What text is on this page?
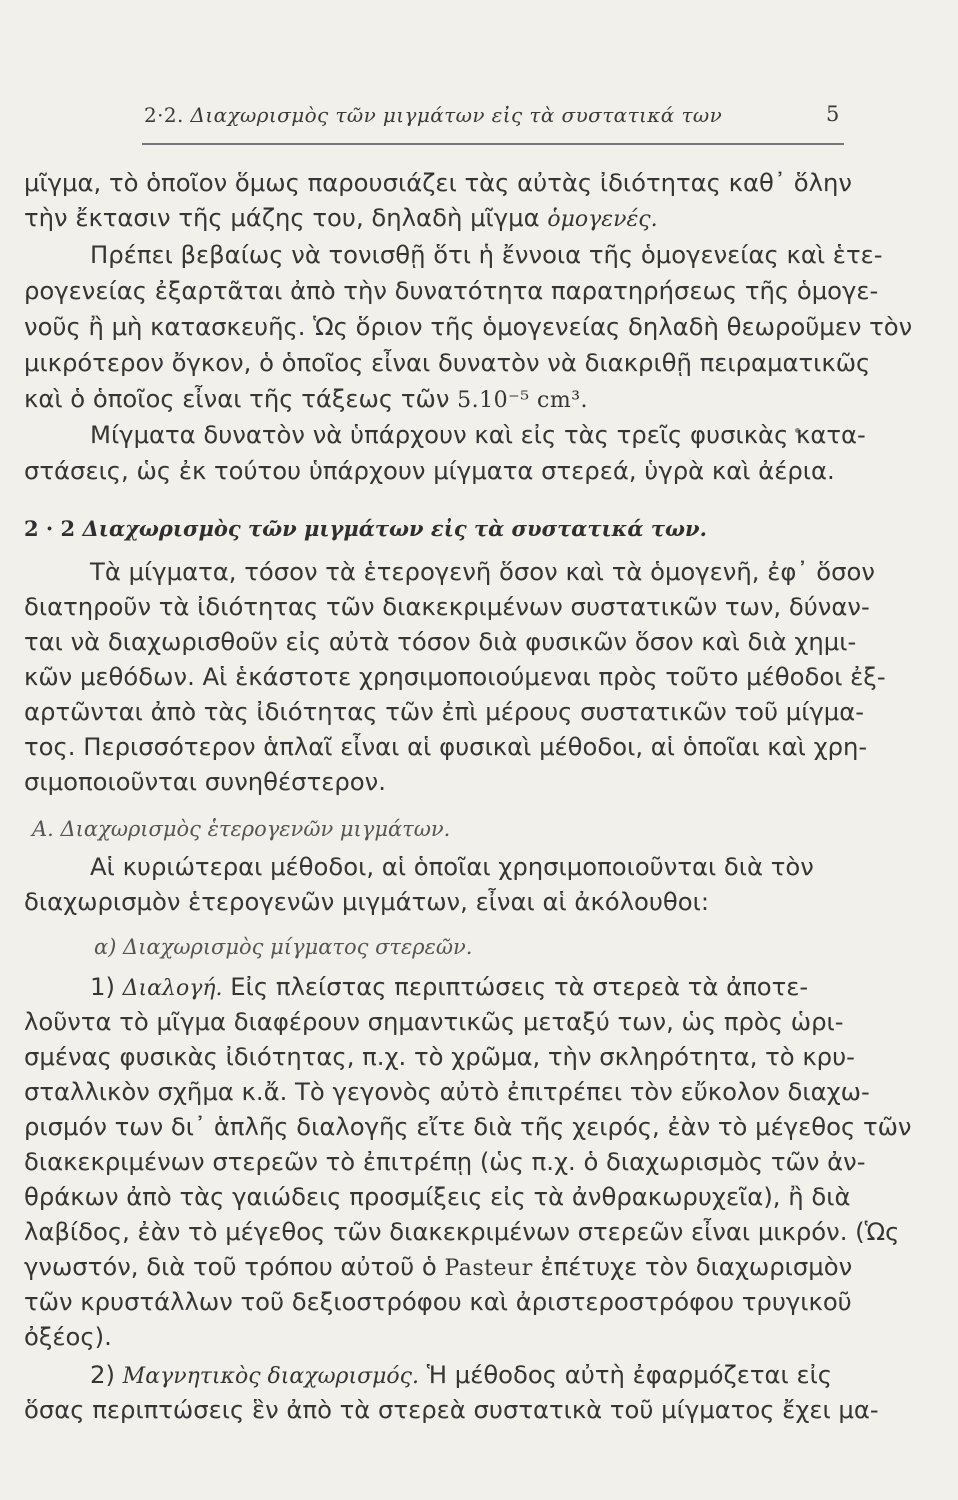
2·2. Διαχωρισμὸς τῶν μιγμάτων εἰς τὰ συστατικά των	5
μῖγμα, τὸ ὁποῖον ὅμως παρουσιάζει τὰς αὐτὰς ἰδιότητας καθ᾿ ὅλην
τὴν ἔκτασιν τῆς μάζης του, δηλαδὴ μῖγμα ὁμογενές.
Πρέπει βεβαίως νὰ τονισθῇ ὅτι ἡ ἔννοια τῆς ὁμογενείας καὶ ἑτε-
ρογενείας ἐξαρτᾶται ἀπὸ τὴν δυνατότητα παρατηρήσεως τῆς ὁμογε-
νοῦς ἢ μὴ κατασκευῆς. Ὡς ὅριον τῆς ὁμογενείας δηλαδὴ θεωροῦμεν τὸν
μικρότερον ὄγκον, ὁ ὁποῖος εἶναι δυνατὸν νὰ διακριθῇ πειραματικῶς
καὶ ὁ ὁποῖος εἶναι τῆς τάξεως τῶν 5.10⁻⁵ cm³.
Μίγματα δυνατὸν νὰ ὑπάρχουν καὶ εἰς τὰς τρεῖς φυσικὰς κατα-
στάσεις, ὡς ἐκ τούτου ὑπάρχουν μίγματα στερεά, ὑγρὰ καὶ ἀέρια.
2 · 2 Διαχωρισμὸς τῶν μιγμάτων εἰς τὰ συστατικά των.
Τὰ μίγματα, τόσον τὰ ἑτερογενῆ ὅσον καὶ τὰ ὁμογενῆ, ἐφ᾿ ὅσον
διατηροῦν τὰ ἰδιότητας τῶν διακεκριμένων συστατικῶν των, δύναν-
ται νὰ διαχωρισθοῦν εἰς αὐτὰ τόσον διὰ φυσικῶν ὅσον καὶ διὰ χημι-
κῶν μεθόδων. Αἱ ἑκάστοτε χρησιμοποιούμεναι πρὸς τοῦτο μέθοδοι ἐξ-
αρτῶνται ἀπὸ τὰς ἰδιότητας τῶν ἐπὶ μέρους συστατικῶν τοῦ μίγμα-
τος. Περισσότερον ἁπλαῖ εἶναι αἱ φυσικαὶ μέθοδοι, αἱ ὁποῖαι καὶ χρη-
σιμοποιοῦνται συνηθέστερον.
Α. Διαχωρισμὸς ἑτερογενῶν μιγμάτων.
Αἱ κυριώτεραι μέθοδοι, αἱ ὁποῖαι χρησιμοποιοῦνται διὰ τὸν
διαχωρισμὸν ἑτερογενῶν μιγμάτων, εἶναι αἱ ἀκόλουθοι:
α) Διαχωρισμὸς μίγματος στερεῶν.
1) Διαλογή. Εἰς πλείστας περιπτώσεις τὰ στερεὰ τὰ ἀποτε-
λοῦντα τὸ μῖγμα διαφέρουν σημαντικῶς μεταξύ των, ὡς πρὸς ὡρι-
σμένας φυσικὰς ἰδιότητας, π.χ. τὸ χρῶμα, τὴν σκληρότητα, τὸ κρυ-
σταλλικὸν σχῆμα κ.ἄ. Τὸ γεγονὸς αὐτὸ ἐπιτρέπει τὸν εὔκολον διαχω-
ρισμόν των δι᾿ ἁπλῆς διαλογῆς εἴτε διὰ τῆς χειρός, ἐὰν τὸ μέγεθος τῶν
διακεκριμένων στερεῶν τὸ ἐπιτρέπῃ (ὡς π.χ. ὁ διαχωρισμὸς τῶν ἀν-
θράκων ἀπὸ τὰς γαιώδεις προσμίξεις εἰς τὰ ἀνθρακωρυχεῖα), ἢ διὰ
λαβίδος, ἐὰν τὸ μέγεθος τῶν διακεκριμένων στερεῶν εἶναι μικρόν. (Ὡς
γνωστόν, διὰ τοῦ τρόπου αὐτοῦ ὁ Pasteur ἐπέτυχε τὸν διαχωρισμὸν
τῶν κρυστάλλων τοῦ δεξιοστρόφου καὶ ἀριστεροστρόφου τρυγικοῦ
ὀξέος).
2) Μαγνητικὸς διαχωρισμός. Ἡ μέθοδος αὐτὴ ἐφαρμόζεται εἰς
ὅσας περιπτώσεις ἓν ἀπὸ τὰ στερεὰ συστατικὰ τοῦ μίγματος ἔχει μα-
